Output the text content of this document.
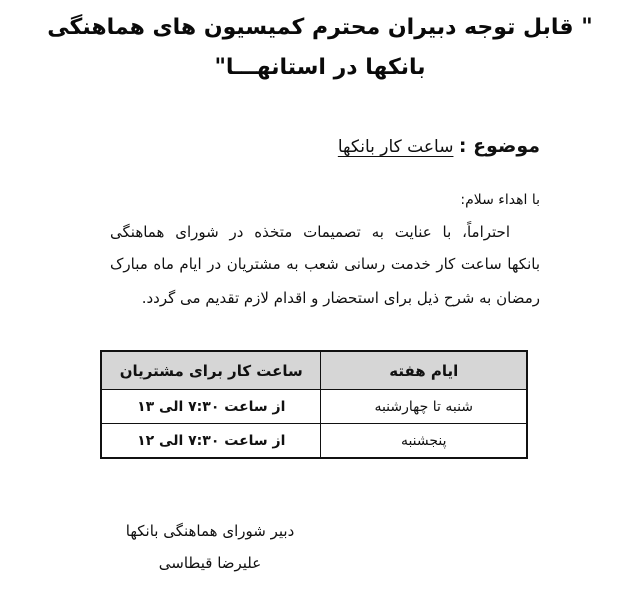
" قابل توجه دبیران محترم کمیسیون های هماهنگی
بانکها در استانهـــا"
موضوع : ساعت کار بانکها
با اهداء سلام:
احتراماً، با عنایت به تصمیمات متخذه در شورای هماهنگی
بانکها ساعت کار خدمت رسانی شعب به مشتریان در ایام ماه مبارک
رمضان به شرح ذیل برای استحضار و اقدام لازم تقدیم می گردد.
ایام هفته	ساعت کار برای مشتریان
شنبه تا چهارشنبه	از ساعت ۷:۳۰ الی ۱۳
پنجشنبه	از ساعت ۷:۳۰ الی ۱۲
دبیر شورای هماهنگی بانکها
علیرضا قیطاسی
